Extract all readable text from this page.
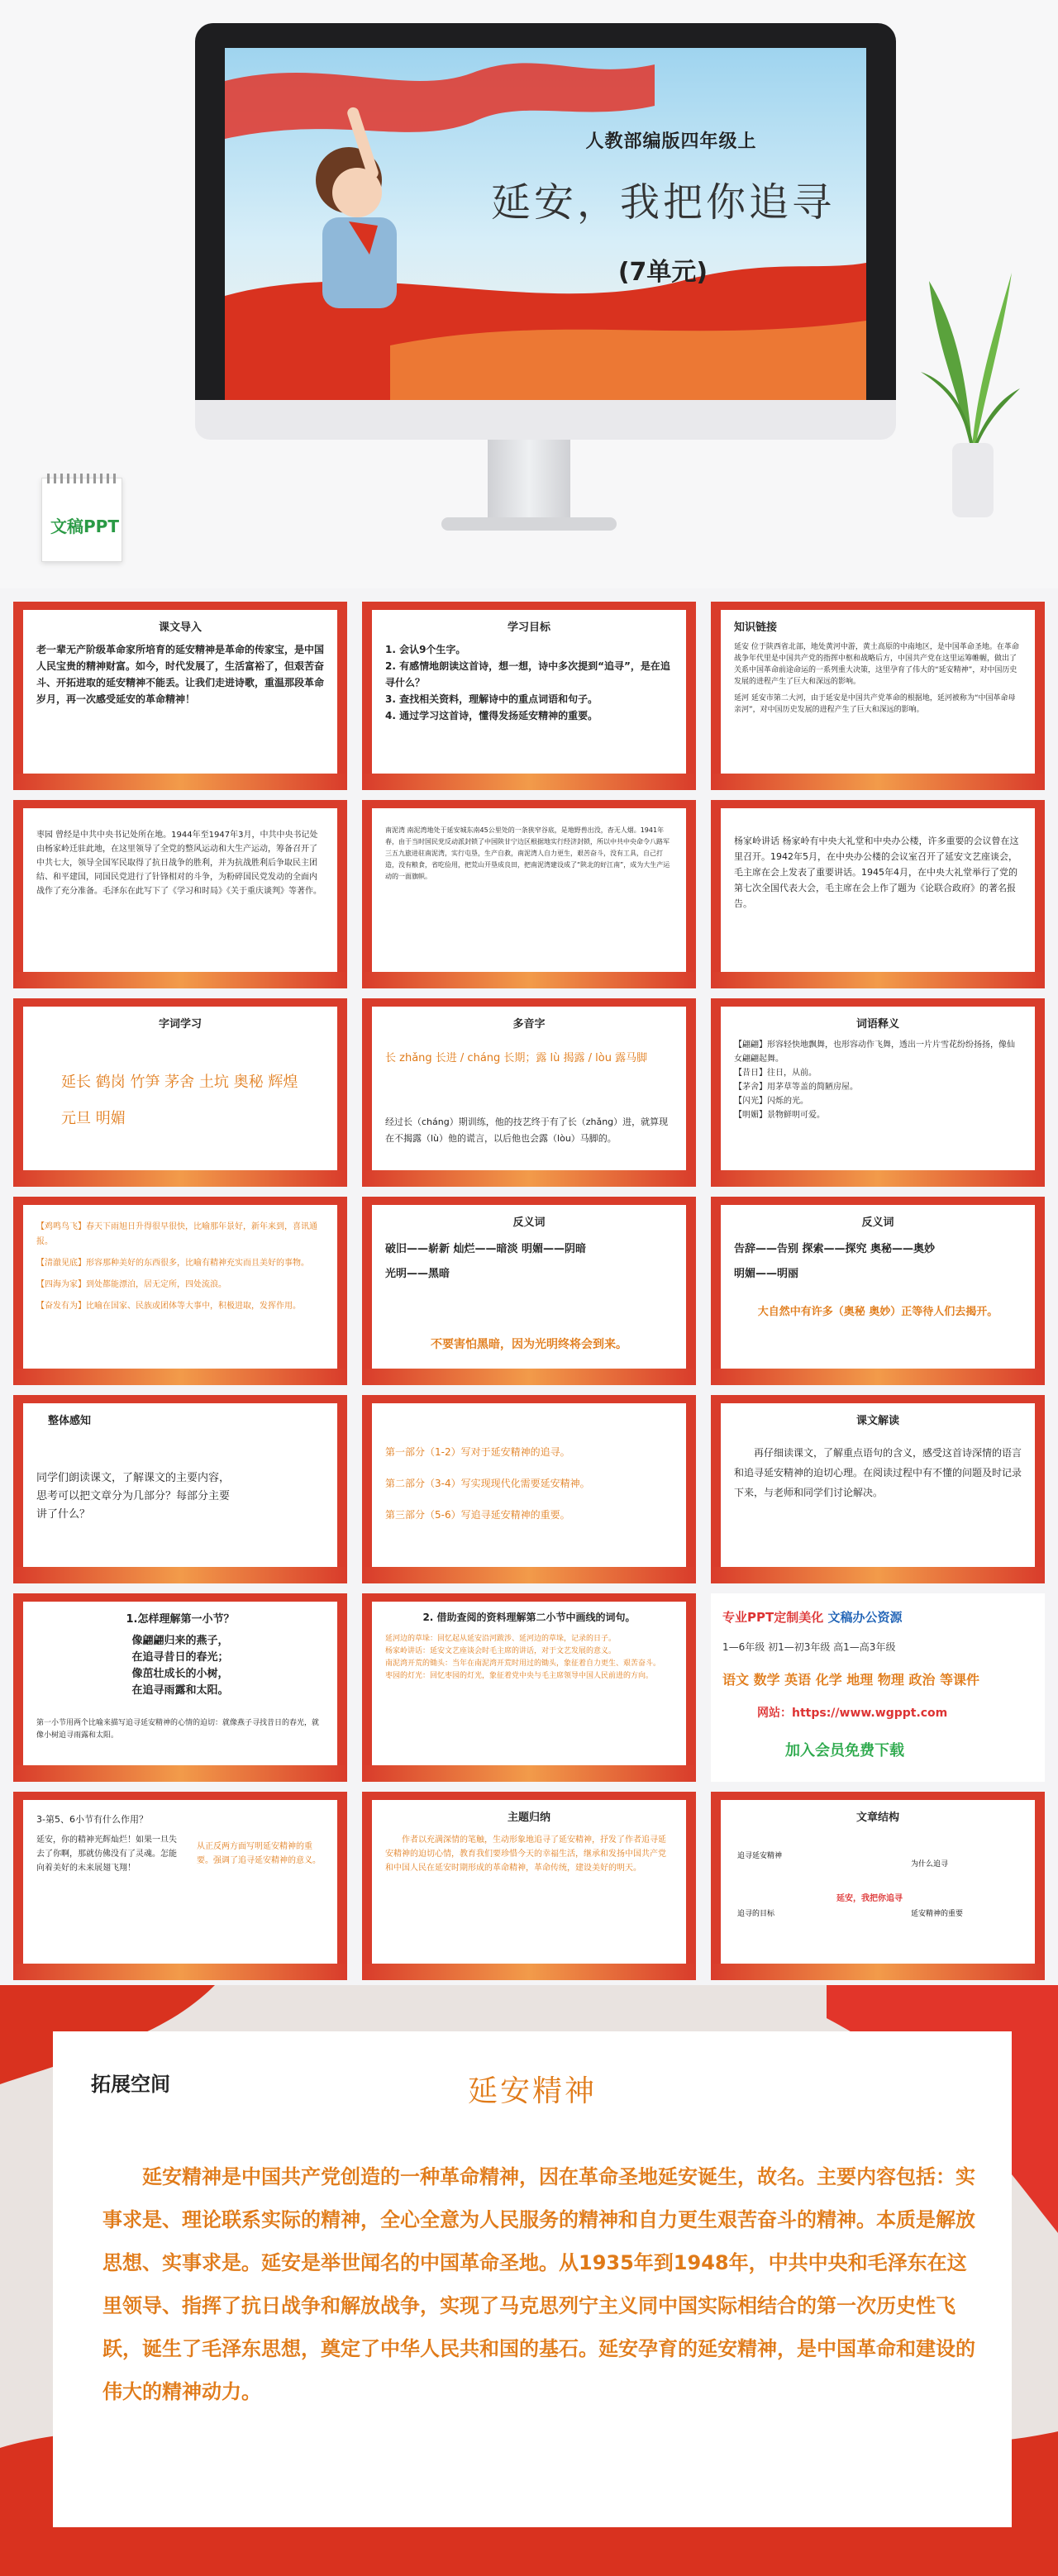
人教部编版四年级上
延安，我把你追寻
(7单元)
文稿PPT
课文导入

老一辈无产阶级革命家所培育的延安精神是革命的传家宝，是中国人民宝贵的精神财富。如今，时代发展了，生活富裕了，但艰苦奋斗、开拓进取的延安精神不能丢。让我们走进诗歌，重温那段革命岁月，再一次感受延安的革命精神！

学习目标

1. 会认9个生字。

2. 有感情地朗读这首诗，想一想，诗中多次提到“追寻”，是在追寻什么？

3. 查找相关资料，理解诗中的重点词语和句子。

4. 通过学习这首诗，懂得发扬延安精神的重要。

知识链接

延安 位于陕西省北部，地处黄河中游，黄土高原的中南地区，是中国革命圣地。在革命战争年代里是中国共产党的指挥中枢和战略后方，中国共产党在这里运筹帷幄，做出了关系中国革命前途命运的一系列重大决策，这里孕育了伟大的“延安精神”，对中国历史发展的进程产生了巨大和深远的影响。

延河 延安市第二大河，由于延安是中国共产党革命的根据地，延河被称为“中国革命母亲河”，对中国历史发展的进程产生了巨大和深远的影响。

枣园 曾经是中共中央书记处所在地。1944年至1947年3月，中共中央书记处由杨家岭迁驻此地，在这里领导了全党的整风运动和大生产运动，筹备召开了中共七大，领导全国军民取得了抗日战争的胜利，并为抗战胜利后争取民主团结、和平建国，同国民党进行了针锋相对的斗争，为粉碎国民党发动的全面内战作了充分准备。毛泽东在此写下了《学习和时局》《关于重庆谈判》等著作。

南泥湾 南泥湾地处于延安城东南45公里处的一条狭窄谷底，是地野兽出没，杳无人烟。1941年春，由于当时国民党反动派封锁了中国陕甘宁边区根据地实行经济封锁，所以中共中央命令八路军三五九旅进驻南泥湾，实行屯垦，生产自救，南泥湾人自力更生，艰苦奋斗，没有工具，自己打造，没有粮食，省吃俭用，把荒山开垦成良田，把南泥湾建设成了“陕北的好江南”，成为大生产运动的一面旗帜。

杨家岭讲话 杨家岭有中央大礼堂和中央办公楼，许多重要的会议曾在这里召开。1942年5月，在中央办公楼的会议室召开了延安文艺座谈会，毛主席在会上发表了重要讲话。1945年4月，在中央大礼堂举行了党的第七次全国代表大会，毛主席在会上作了题为《论联合政府》的著名报告。

字词学习
延长 鹤岗 竹笋 茅舍 土坑 奥秘 辉煌 元旦 明媚
多音字
长 zhǎng 长进 / cháng 长期；露 lù 揭露 / lòu 露马脚
经过长（cháng）期训练，他的技艺终于有了长（zhǎng）进，就算现在不揭露（lù）他的谎言，以后他也会露（lòu）马脚的。
词语释义

【翩翩】形容轻快地飘舞，也形容动作飞舞，透出一片片雪花纷纷扬扬，像仙女翩翩起舞。

【昔日】往日，从前。

【茅舍】用茅草等盖的简陋房屋。

【闪光】闪烁的光。

【明媚】景物鲜明可爱。

【鸡鸣鸟飞】春天下雨旭日升得很早很快，比喻那年景好，新年来到，喜讯通报。

【清澈见底】形容那种美好的东西很多，比喻有精神充实而且美好的事物。

【四海为家】到处都能漂泊，居无定所，四处流浪。

【奋发有为】比喻在国家、民族或团体等大事中，积极进取，发挥作用。

反义词
破旧——崭新 灿烂——暗淡 明媚——阴暗
光明——黑暗
不要害怕黑暗，因为光明终将会到来。
反义词
告辞——告别 探索——探究 奥秘——奥妙
明媚——明丽
大自然中有许多（奥秘 奥妙）正等待人们去揭开。
整体感知
同学们朗读课文，了解课文的主要内容，思考可以把文章分为几部分？每部分主要讲了什么？

第一部分（1-2）写对于延安精神的追寻。

第二部分（3-4）写实现现代化需要延安精神。

第三部分（5-6）写追寻延安精神的重要。

课文解读
再仔细读课文，了解重点语句的含义，感受这首诗深情的语言和追寻延安精神的迫切心理。在阅读过程中有不懂的问题及时记录下来，与老师和同学们讨论解决。
1.怎样理解第一小节？

像翩翩归来的燕子，

在追寻昔日的春光；

像茁壮成长的小树，

在追寻雨露和太阳。

第一小节用两个比喻来描写追寻延安精神的心情的迫切：就像燕子寻找昔日的春光，就像小树追寻雨露和太阳。
2. 借助查阅的资料理解第二小节中画线的词句。

延河边的草垛：回忆起从延安沿河跋涉、延河边的草垛，记录的日子。

杨家岭讲话：延安文艺座谈会时毛主席的讲话，对于文艺发展的意义。

南泥湾开荒的锄头：当年在南泥湾开荒时用过的锄头，象征着自力更生、艰苦奋斗。

枣园的灯光：回忆枣园的灯光，象征着党中央与毛主席领导中国人民前进的方向。

专业PPT定制美化 文稿办公资源
1—6年级 初1—初3年级 高1—高3年级
语文 数学 英语 化学 地理 物理 政治 等课件
网站：https://www.wgppt.com
加入会员免费下载
3-第5、6小节有什么作用？
延安，你的精神光辉灿烂！如果一旦失去了你啊，那就仿佛没有了灵魂。怎能向着美好的未来展翅飞翔！
从正反两方面写明延安精神的重要。强调了追寻延安精神的意义。
主题归纳
作者以充满深情的笔触，生动形象地追寻了延安精神，抒发了作者追寻延安精神的迫切心情，教育我们要珍惜今天的幸福生活，继承和发扬中国共产党和中国人民在延安时期形成的革命精神，革命传统，建设美好的明天。
文章结构
延安，我把你追寻
追寻延安精神
为什么追寻
追寻的目标	延安精神的重要
拓展空间	延安精神
延安精神是中国共产党创造的一种革命精神，因在革命圣地延安诞生，故名。主要内容包括：实事求是、理论联系实际的精神，全心全意为人民服务的精神和自力更生艰苦奋斗的精神。本质是解放思想、实事求是。延安是举世闻名的中国革命圣地。从1935年到1948年，中共中央和毛泽东在这里领导、指挥了抗日战争和解放战争，实现了马克思列宁主义同中国实际相结合的第一次历史性飞跃，诞生了毛泽东思想，奠定了中华人民共和国的基石。延安孕育的延安精神，是中国革命和建设的伟大的精神动力。
